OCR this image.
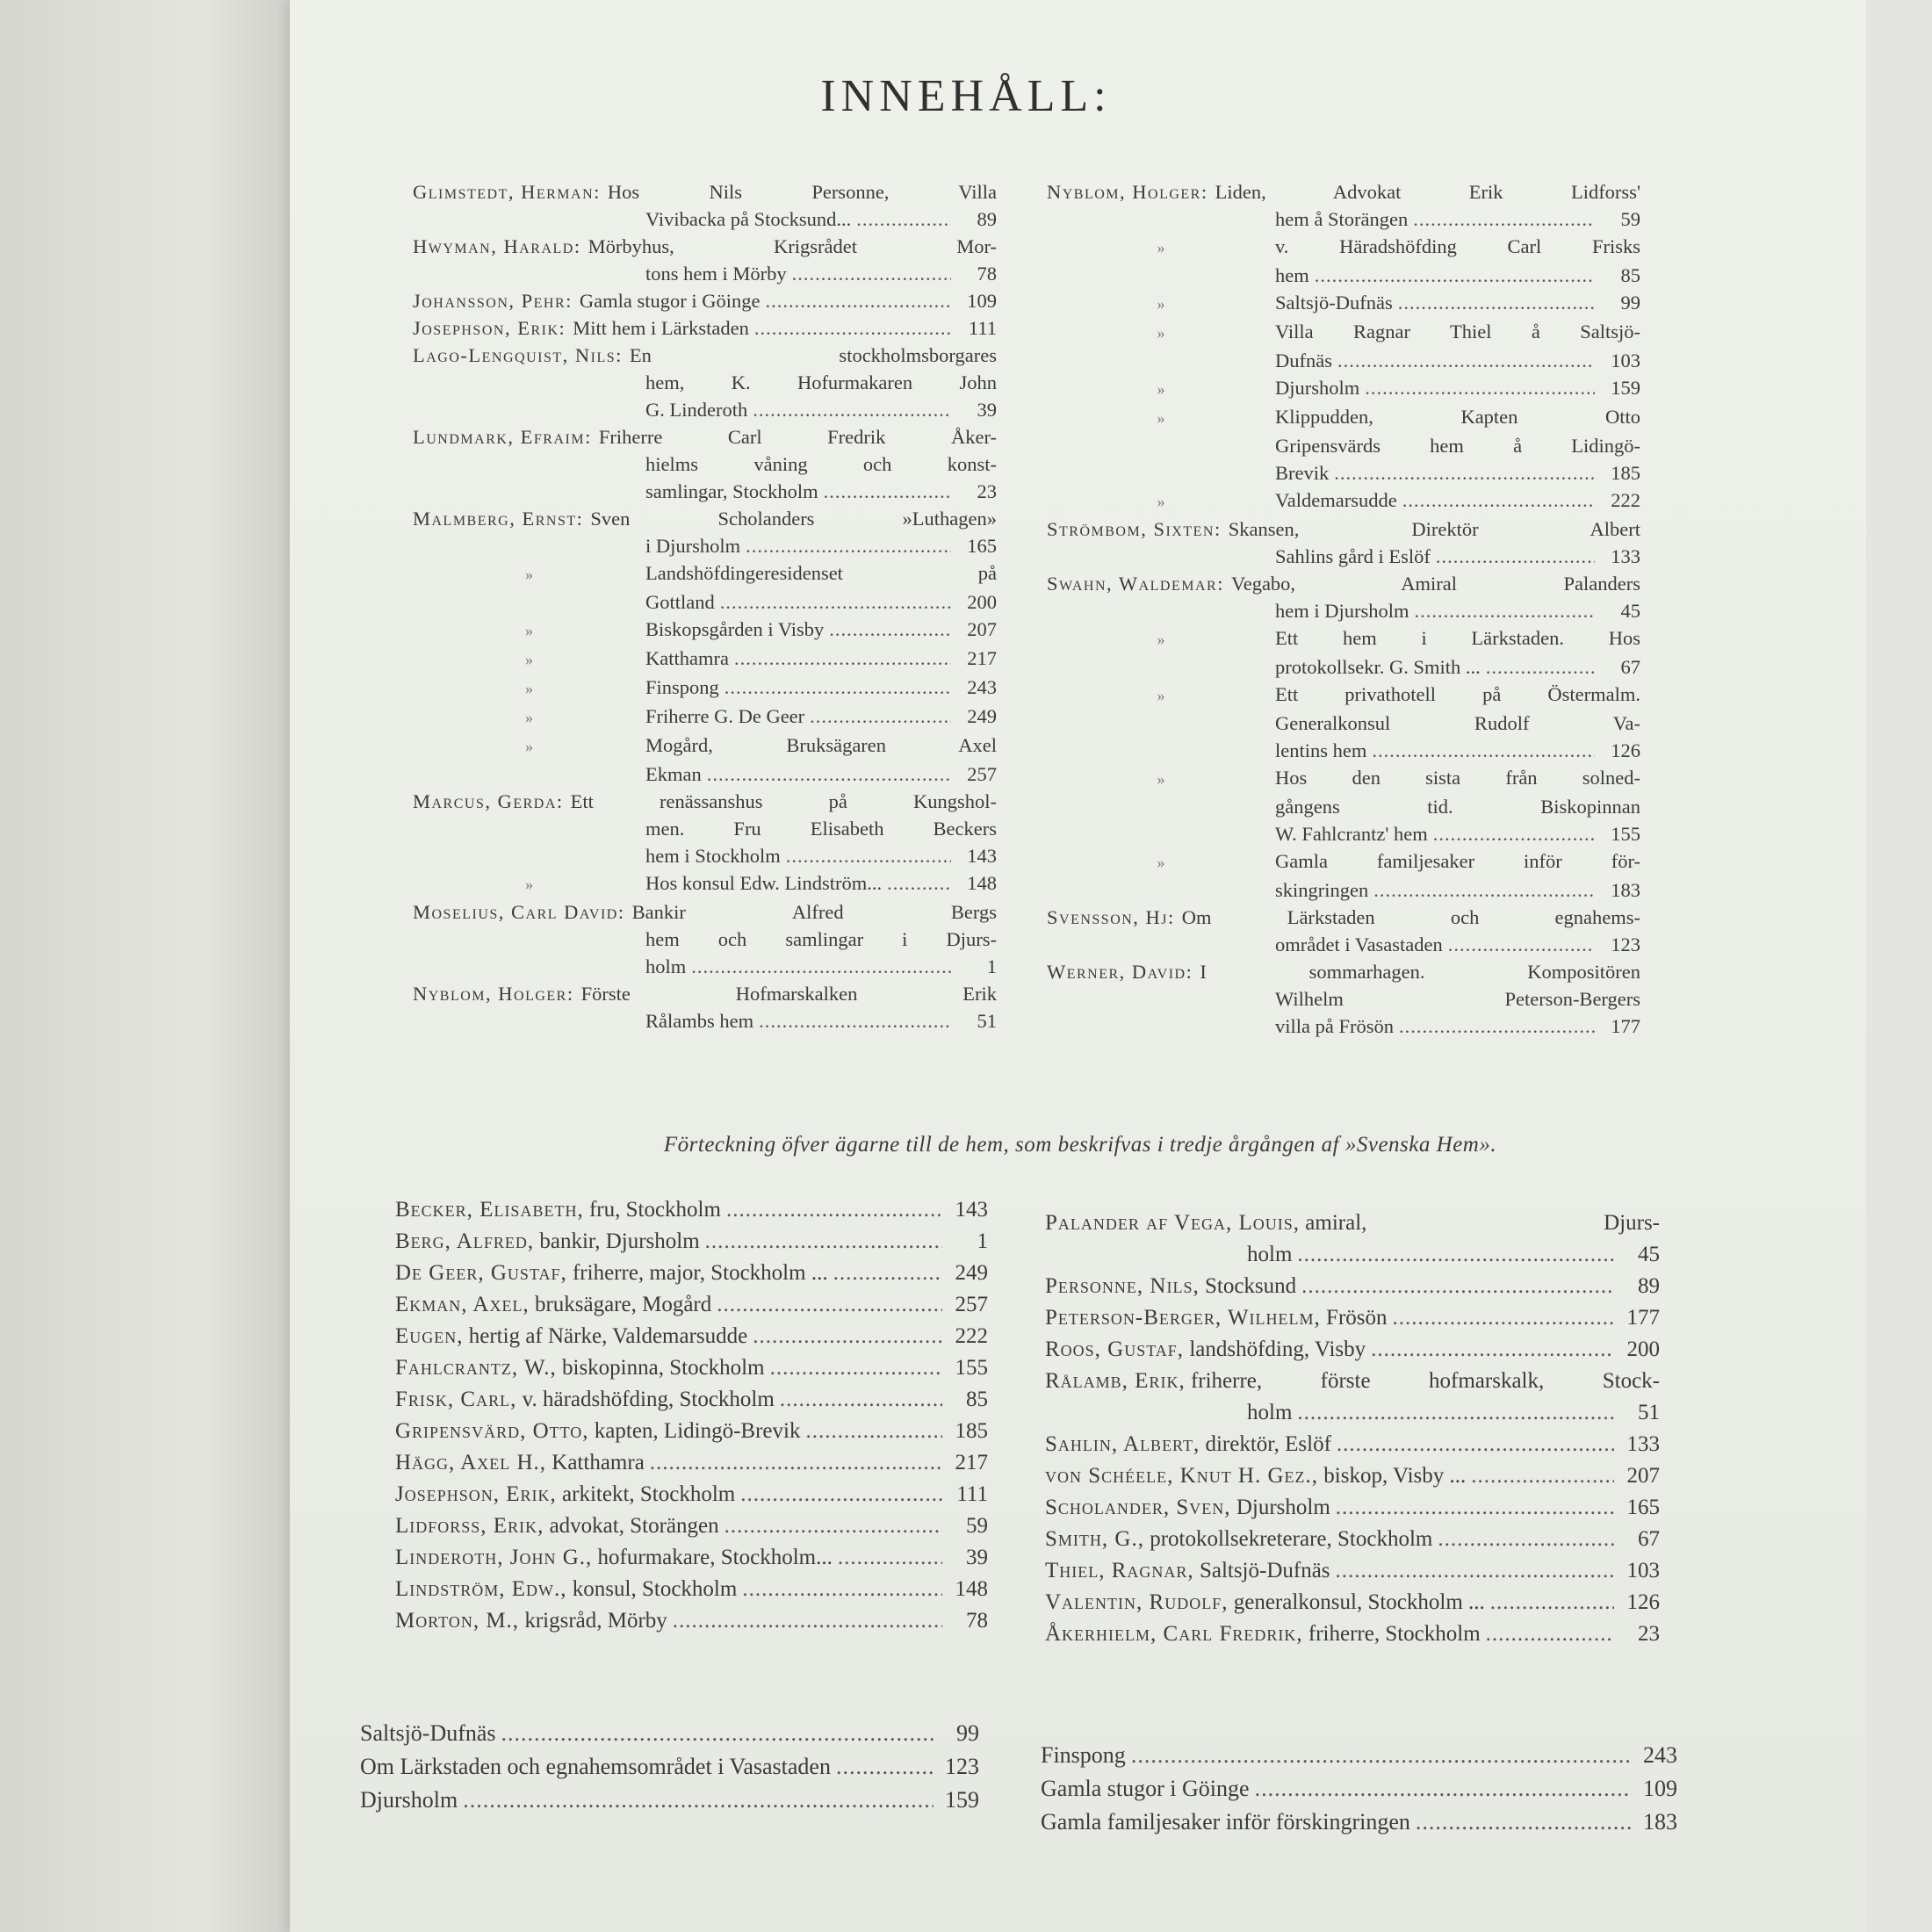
INNEHÅLL:
Glimstedt, Herman: Hos Nils Personne, Villa
Vivibacka på Stocksund... .....	89
Hwyman, Harald: Mörbyhus, Krigsrådet Mor-
tons hem i Mörby .....	78
Johansson, Pehr: Gamla stugor i Göinge .....	109
Josephson, Erik: Mitt hem i Lärkstaden .....	111
Lago-Lengquist, Nils: En stockholmsborgares
hem, K. Hofurmakaren John
G. Linderoth .....	39
Lundmark, Efraim: Friherre Carl Fredrik Åker-
hielms våning och konst-
samlingar, Stockholm .....	23
Malmberg, Ernst: Sven Scholanders »Luthagen»
i Djursholm .....	165
»	Landshöfdingeresidenset på
Gottland .....	200
»	Biskopsgården i Visby .....	207
»	Katthamra .....	217
»	Finspong .....	243
»	Friherre G. De Geer .....	249
»	Mogård, Bruksägaren Axel
Ekman .....	257
Marcus, Gerda: Ett renässanshus på Kungshol-
men. Fru Elisabeth Beckers
hem i Stockholm .....	143
»	Hos konsul Edw. Lindström... .....	148
Moselius, Carl David: Bankir Alfred Bergs
hem och samlingar i Djurs-
holm .....	1
Nyblom, Holger: Förste Hofmarskalken Erik
Rålambs hem .....	51
Nyblom, Holger: Liden, Advokat Erik Lidforss'
hem å Storängen .....	59
»	v. Häradshöfding Carl Frisks
hem .....	85
»	Saltsjö-Dufnäs .....	99
»	Villa Ragnar Thiel å Saltsjö-
Dufnäs .....	103
»	Djursholm .....	159
»	Klippudden, Kapten Otto
Gripensvärds hem å Lidingö-
Brevik .....	185
»	Valdemarsudde .....	222
Strömbom, Sixten: Skansen, Direktör Albert
Sahlins gård i Eslöf .....	133
Swahn, Waldemar: Vegabo, Amiral Palanders
hem i Djursholm .....	45
»	Ett hem i Lärkstaden. Hos
protokollsekr. G. Smith ... .....	67
»	Ett privathotell på Östermalm.
Generalkonsul Rudolf Va-
lentins hem .....	126
»	Hos den sista från solned-
gångens tid. Biskopinnan
W. Fahlcrantz' hem .....	155
»	Gamla familjesaker inför för-
skingringen .....	183
Svensson, Hj: Om Lärkstaden och egnahems-
området i Vasastaden .....	123
Werner, David: I sommarhagen. Kompositören
Wilhelm Peterson-Bergers
villa på Frösön .....	177
Förteckning öfver ägarne till de hem, som beskrifvas i tredje årgången af »Svenska Hem».
Becker, Elisabeth,
fru, Stockholm .....	143
Berg, Alfred,
bankir, Djursholm .....	1
De Geer, Gustaf,
friherre, major, Stockholm ... .....	249
Ekman, Axel,
bruksägare, Mogård .....	257
Eugen,
hertig af Närke, Valdemarsudde .....	222
Fahlcrantz, W.,
biskopinna, Stockholm .....	155
Frisk, Carl,
v. häradshöfding, Stockholm .....	85
Gripensvärd, Otto,
kapten, Lidingö-Brevik .....	185
Hägg, Axel H.,
Katthamra .....	217
Josephson, Erik,
arkitekt, Stockholm .....	111
Lidforss, Erik,
advokat, Storängen .....	59
Linderoth, John G.,
hofurmakare, Stockholm... .....	39
Lindström, Edw.,
konsul, Stockholm .....	148
Morton, M.,
krigsråd, Mörby .....	78
Palander af Vega, Louis,
amiral, Djurs-
holm .....	45
Personne, Nils,
Stocksund .....	89
Peterson-Berger, Wilhelm,
Frösön .....	177
Roos, Gustaf,
landshöfding, Visby .....	200
Rålamb, Erik,
friherre, förste hofmarskalk, Stock-
holm .....	51
Sahlin, Albert,
direktör, Eslöf .....	133
von Schéele, Knut H. Gez.,
biskop, Visby ... .....	207
Scholander, Sven,
Djursholm .....	165
Smith, G.,
protokollsekreterare, Stockholm .....	67
Thiel, Ragnar,
Saltsjö-Dufnäs .....	103
Valentin, Rudolf,
generalkonsul, Stockholm ... .....	126
Åkerhielm, Carl Fredrik,
friherre, Stockholm .....	23
Saltsjö-Dufnäs .....	99
Om Lärkstaden och egnahemsområdet i Vasastaden .....	123
Djursholm .....	159
Finspong .....	243
Gamla stugor i Göinge .....	109
Gamla familjesaker inför förskingringen .....	183
